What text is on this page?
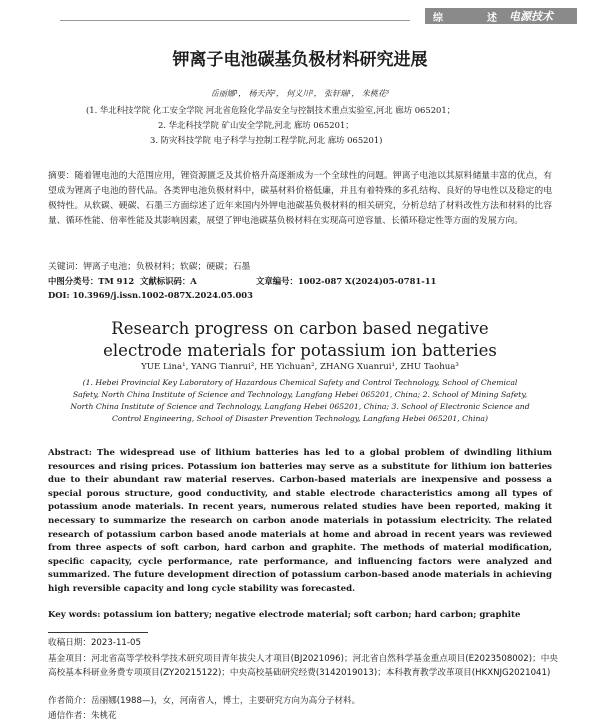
综	述 电源技术
钾离子电池碳基负极材料研究进展
岳丽娜¹， 杨天芮²， 何义川²， 张轩瑞¹， 朱桃花³
(1. 华北科技学院 化工安全学院 河北省危险化学品安全与控制技术重点实验室,河北 廊坊 065201；
2. 华北科技学院 矿山安全学院,河北 廊坊 065201；
3. 防灾科技学院 电子科学与控制工程学院,河北 廊坊 065201)
摘要：随着锂电池的大范围应用，锂资源匮乏及其价格升高逐渐成为一个全球性的问题。钾离子电池以其原料储量丰富的优点，有望成为锂离子电池的替代品。各类钾电池负极材料中，碳基材料价格低廉，并且有着特殊的多孔结构、良好的导电性以及稳定的电极特性。从软碳、硬碳、石墨三方面综述了近年来国内外钾电池碳基负极材料的相关研究，分析总结了材料改性方法和材料的比容量、循环性能、倍率性能及其影响因素，展望了钾电池碳基负极材料在实现高可逆容量、长循环稳定性等方面的发展方向。
关键词：钾离子电池；负极材料；软碳；硬碳；石墨
中图分类号：TM 912 文献标识码：A	文章编号：1002-087 X(2024)05-0781-11
DOI: 10.3969/j.issn.1002-087X.2024.05.003
Research progress on carbon based negative electrode materials for potassium ion batteries
YUE Lina¹, YANG Tianrui², HE Yichuan², ZHANG Xuanrui¹, ZHU Taohua³
(1. Hebei Provincial Key Laboratory of Hazardous Chemical Safety and Control Technology, School of Chemical Safety, North China Institute of Science and Technology, Langfang Hebei 065201, China; 2. School of Mining Safety, North China Institute of Science and Technology, Langfang Hebei 065201, China; 3. School of Electronic Science and Control Engineering, School of Disaster Prevention Technology, Langfang Hebei 065201, China)
Abstract: The widespread use of lithium batteries has led to a global problem of dwindling lithium resources and rising prices. Potassium ion batteries may serve as a substitute for lithium ion batteries due to their abundant raw material reserves. Carbon-based materials are inexpensive and possess a special porous structure, good conductivity, and stable electrode characteristics among all types of potassium anode materials. In recent years, numerous related studies have been reported, making it necessary to summarize the research on carbon anode materials in potassium electricity. The related research of potassium carbon based anode materials at home and abroad in recent years was reviewed from three aspects of soft carbon, hard carbon and graphite. The methods of material modification, specific capacity, cycle performance, rate performance, and influencing factors were analyzed and summarized. The future development direction of potassium carbon-based anode materials in achieving high reversible capacity and long cycle stability was forecasted.
Key words: potassium ion battery; negative electrode material; soft carbon; hard carbon; graphite
收稿日期：2023-11-05
基金项目：河北省高等学校科学技术研究项目青年拔尖人才项目(BJ2021096)；河北省自然科学基金重点项目(E2023508002)；中央高校基本科研业务费专项项目(ZY20215122)；中央高校基础研究经费(3142019013)；本科教育教学改革项目(HKXNJG2021041)
作者简介：岳丽娜(1988—)，女，河南省人，博士，主要研究方向为高分子材料。
通信作者：朱桃花
